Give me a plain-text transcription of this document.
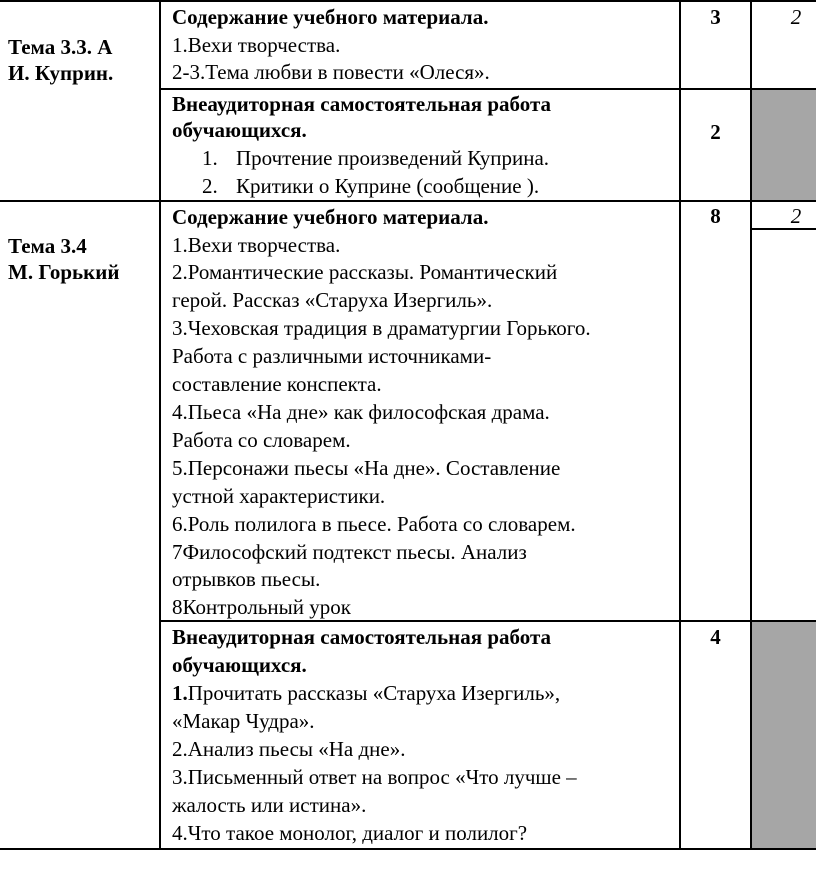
Тема 3.3. А
И. Куприн.
Содержание учебного материала.
1.Вехи творчества.
2-3.Тема любви в повести «Олеся».
3	2
Внеаудиторная самостоятельная работа
обучающихся.
1. Прочтение произведений Куприна.
2. Критики о Куприне (сообщение ).
2
Тема 3.4
М. Горький
Содержание учебного материала.
1.Вехи творчества.
2.Романтические рассказы. Романтический
герой. Рассказ «Старуха Изергиль».
3.Чеховская традиция в драматургии Горького.
Работа с различными источниками-
составление конспекта.
4.Пьеса «На дне» как философская драма.
Работа со словарем.
5.Персонажи пьесы «На дне». Составление
устной характеристики.
6.Роль полилога в пьесе. Работа со словарем.
7Философский подтекст пьесы. Анализ
отрывков пьесы.
8Контрольный урок
8	2
Внеаудиторная самостоятельная работа
обучающихся.
1.Прочитать рассказы «Старуха Изергиль»,
«Макар Чудра».
2.Анализ пьесы «На дне».
3.Письменный ответ на вопрос «Что лучше –
жалость или истина».
4.Что такое монолог, диалог и полилог?
4
